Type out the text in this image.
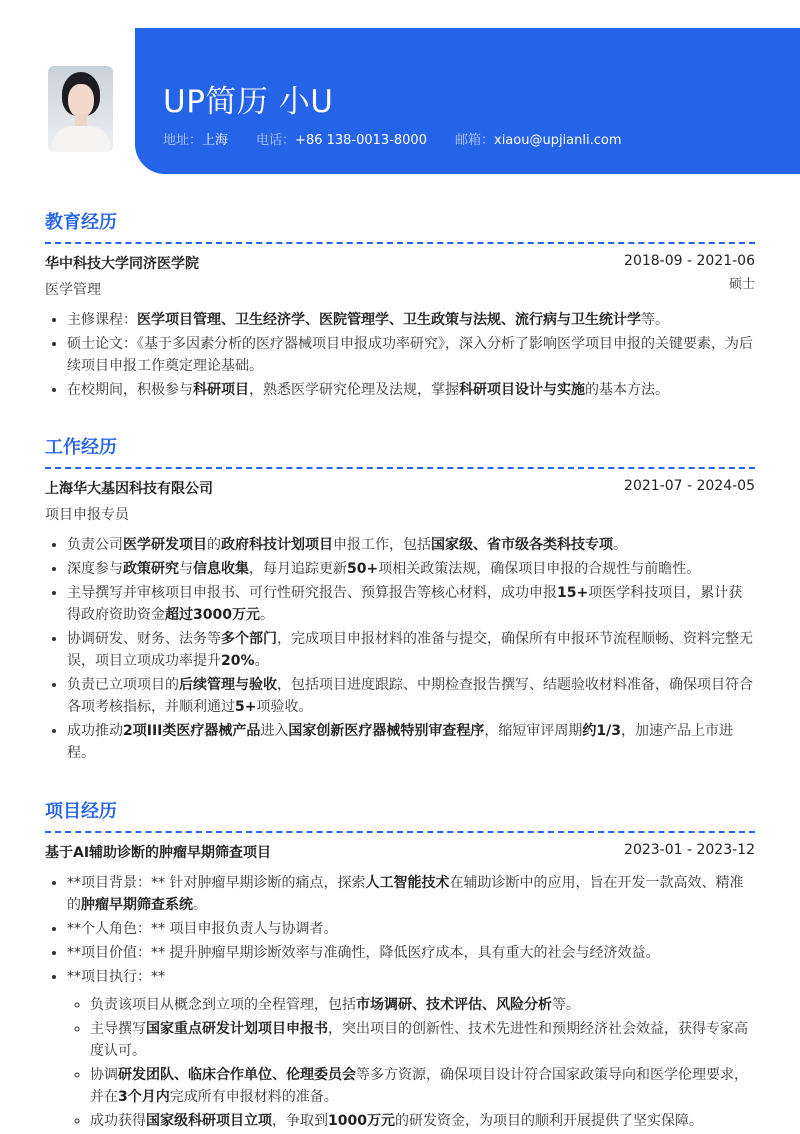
UP简历 小U
地址：上海 电话：+86 138-0013-8000 邮箱：xiaou@upjianli.com
教育经历
华中科技大学同济医学院	2018-09 - 2021-06
医学管理	硕士
• 主修课程：医学项目管理、卫生经济学、医院管理学、卫生政策与法规、流行病与卫生统计学等。
• 硕士论文：《基于多因素分析的医疗器械项目申报成功率研究》，深入分析了影响医学项目申报的关键要素，为后续项目申报工作奠定理论基础。
• 在校期间，积极参与科研项目，熟悉医学研究伦理及法规，掌握科研项目设计与实施的基本方法。
工作经历
上海华大基因科技有限公司	2021-07 - 2024-05
项目申报专员
• 负责公司医学研发项目的政府科技计划项目申报工作，包括国家级、省市级各类科技专项。
• 深度参与政策研究与信息收集，每月追踪更新50+项相关政策法规，确保项目申报的合规性与前瞻性。
• 主导撰写并审核项目申报书、可行性研究报告、预算报告等核心材料，成功申报15+项医学科技项目，累计获得政府资助资金超过3000万元。
• 协调研发、财务、法务等多个部门，完成项目申报材料的准备与提交，确保所有申报环节流程顺畅、资料完整无误，项目立项成功率提升20%。
• 负责已立项项目的后续管理与验收，包括项目进度跟踪、中期检查报告撰写、结题验收材料准备，确保项目符合各项考核指标，并顺利通过5+项验收。
• 成功推动2项III类医疗器械产品进入国家创新医疗器械特别审查程序，缩短审评周期约1/3，加速产品上市进程。
项目经历
基于AI辅助诊断的肿瘤早期筛查项目	2023-01 - 2023-12
• **项目背景：** 针对肿瘤早期诊断的痛点，探索人工智能技术在辅助诊断中的应用，旨在开发一款高效、精准的肿瘤早期筛查系统。
• **个人角色：** 项目申报负责人与协调者。
• **项目价值：** 提升肿瘤早期诊断效率与准确性，降低医疗成本，具有重大的社会与经济效益。
• **项目执行：**
◦ 负责该项目从概念到立项的全程管理，包括市场调研、技术评估、风险分析等。
◦ 主导撰写国家重点研发计划项目申报书，突出项目的创新性、技术先进性和预期经济社会效益，获得专家高度认可。
◦ 协调研发团队、临床合作单位、伦理委员会等多方资源，确保项目设计符合国家政策导向和医学伦理要求，并在3个月内完成所有申报材料的准备。
◦ 成功获得国家级科研项目立项，争取到1000万元的研发资金，为项目的顺利开展提供了坚实保障。
